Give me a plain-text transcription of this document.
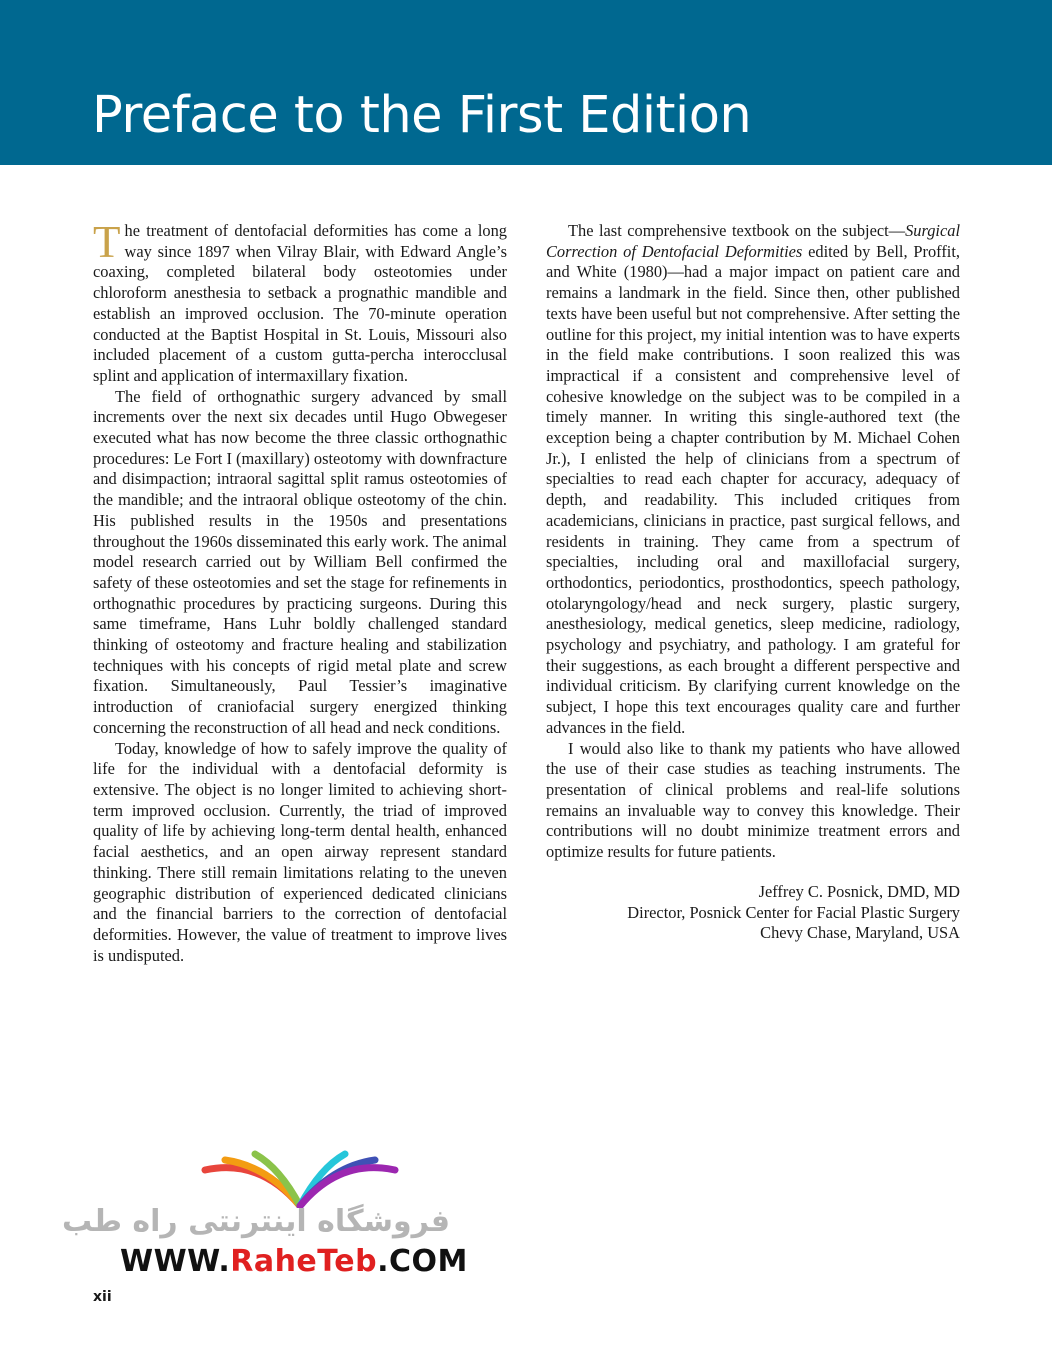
Preface to the First Edition

The treatment of dentofacial deformities has come a long way since 1897 when Vilray Blair, with Edward Angle’s coaxing, completed bilateral body osteotomies under chloroform anesthesia to setback a prognathic mandible and establish an improved occlusion. The 70-minute operation conducted at the Baptist Hospital in St. Louis, Missouri also included placement of a custom gutta-percha interocclusal splint and application of intermaxillary fixation.

The field of orthognathic surgery advanced by small increments over the next six decades until Hugo Obwegeser executed what has now become the three classic orthognathic procedures: Le Fort I (maxillary) osteotomy with downfracture and disimpaction; intraoral sagittal split ramus osteotomies of the mandible; and the intraoral oblique osteotomy of the chin. His published results in the 1950s and presentations throughout the 1960s disseminated this early work. The animal model research carried out by William Bell confirmed the safety of these osteotomies and set the stage for refinements in orthognathic procedures by practicing surgeons. During this same timeframe, Hans Luhr boldly challenged standard thinking of osteotomy and fracture healing and stabilization techniques with his concepts of rigid metal plate and screw fixation. Simultaneously, Paul Tessier’s imaginative introduction of craniofacial surgery energized thinking concerning the reconstruction of all head and neck conditions.

Today, knowledge of how to safely improve the quality of life for the individual with a dentofacial deformity is extensive. The object is no longer limited to achieving short-term improved occlusion. Currently, the triad of improved quality of life by achieving long-term dental health, enhanced facial aesthetics, and an open airway represent standard thinking. There still remain limitations relating to the uneven geographic distribution of experienced dedicated clinicians and the financial barriers to the correction of dentofacial deformities. However, the value of treatment to improve lives is undisputed.

The last comprehensive textbook on the subject—Surgical Correction of Dentofacial Deformities edited by Bell, Proffit, and White (1980)—had a major impact on patient care and remains a landmark in the field. Since then, other published texts have been useful but not comprehensive. After setting the outline for this project, my initial intention was to have experts in the field make contributions. I soon realized this was impractical if a consistent and comprehensive level of cohesive knowledge on the subject was to be compiled in a timely manner. In writing this single-authored text (the exception being a chapter contribution by M. Michael Cohen Jr.), I enlisted the help of clinicians from a spectrum of specialties to read each chapter for accuracy, adequacy of depth, and readability. This included critiques from academicians, clinicians in practice, past surgical fellows, and residents in training. They came from a spectrum of specialties, including oral and maxillofacial surgery, orthodontics, periodontics, prosthodontics, speech pathology, otolaryngology/head and neck surgery, plastic surgery, anesthesiology, medical genetics, sleep medicine, radiology, psychology and psychiatry, and pathology. I am grateful for their suggestions, as each brought a different perspective and individual criticism. By clarifying current knowledge on the subject, I hope this text encourages quality care and further advances in the field.

I would also like to thank my patients who have allowed the use of their case studies as teaching instruments. The presentation of clinical problems and real-life solutions remains an invaluable way to convey this knowledge. Their contributions will no doubt minimize treatment errors and optimize results for future patients.

Jeffrey C. Posnick, DMD, MD
Director, Posnick Center for Facial Plastic Surgery
Chevy Chase, Maryland, USA
فروشگاه اینترنتی راه طب
WWW.RaheTeb.COM
xii
